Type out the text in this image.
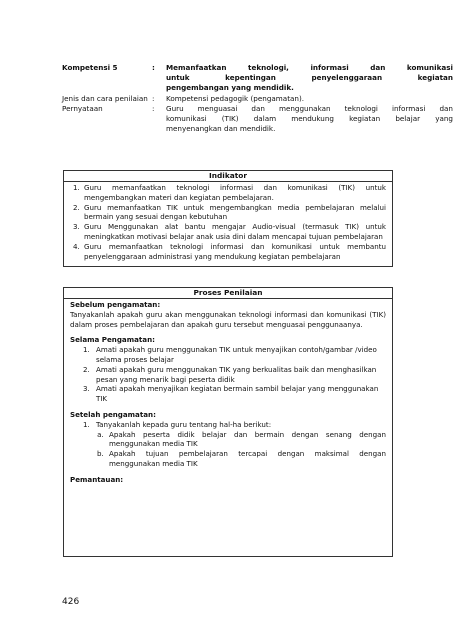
Kompetensi 5	:	Memanfaatkan teknologi, informasi dan komunikasi
untuk kepentingan penyelenggaraan kegiatan
pengembangan yang mendidik.
Jenis dan cara penilaian :	Kompetensi pedagogik (pengamatan).
Pernyataan	:	Guru menguasai dan menggunakan teknologi informasi dan
komunikasi (TIK) dalam mendukung kegiatan belajar yang
menyenangkan dan mendidik.
Indikator
1. Guru memanfaatkan teknologi informasi dan komunikasi (TIK) untuk mengembangkan materi dan kegiatan pembelajaran.
2. Guru memanfaatkan TIK untuk mengembangkan media pembelajaran melalui bermain yang sesuai dengan kebutuhan
3. Guru Menggunakan alat bantu mengajar Audio-visual (termasuk TIK) untuk meningkatkan motivasi belajar anak usia dini dalam mencapai tujuan pembelajaran
4. Guru memanfaatkan teknologi informasi dan komunikasi untuk membantu penyelenggaraan administrasi yang mendukung kegiatan pembelajaran
Proses Penilaian
Sebelum pengamatan:
Tanyakanlah apakah guru akan menggunakan teknologi informasi dan komunikasi (TIK) dalam proses pembelajaran dan apakah guru tersebut menguasai penggunaanya.
Selama Pengamatan:
1. Amati apakah guru menggunakan TIK untuk menyajikan contoh/gambar /video selama proses belajar
2. Amati apakah guru menggunakan TIK yang berkualitas baik dan menghasilkan pesan yang menarik bagi peserta didik
3. Amati apakah menyajikan kegiatan bermain sambil belajar yang menggunakan TIK
Setelah pengamatan:
1. Tanyakanlah kepada guru tentang hal-ha berikut:
a. Apakah peserta didik belajar dan bermain dengan senang dengan menggunakan media TIK
b. Apakah tujuan pembelajaran tercapai dengan maksimal dengan menggunakan media TIK
Pemantauan:
426
